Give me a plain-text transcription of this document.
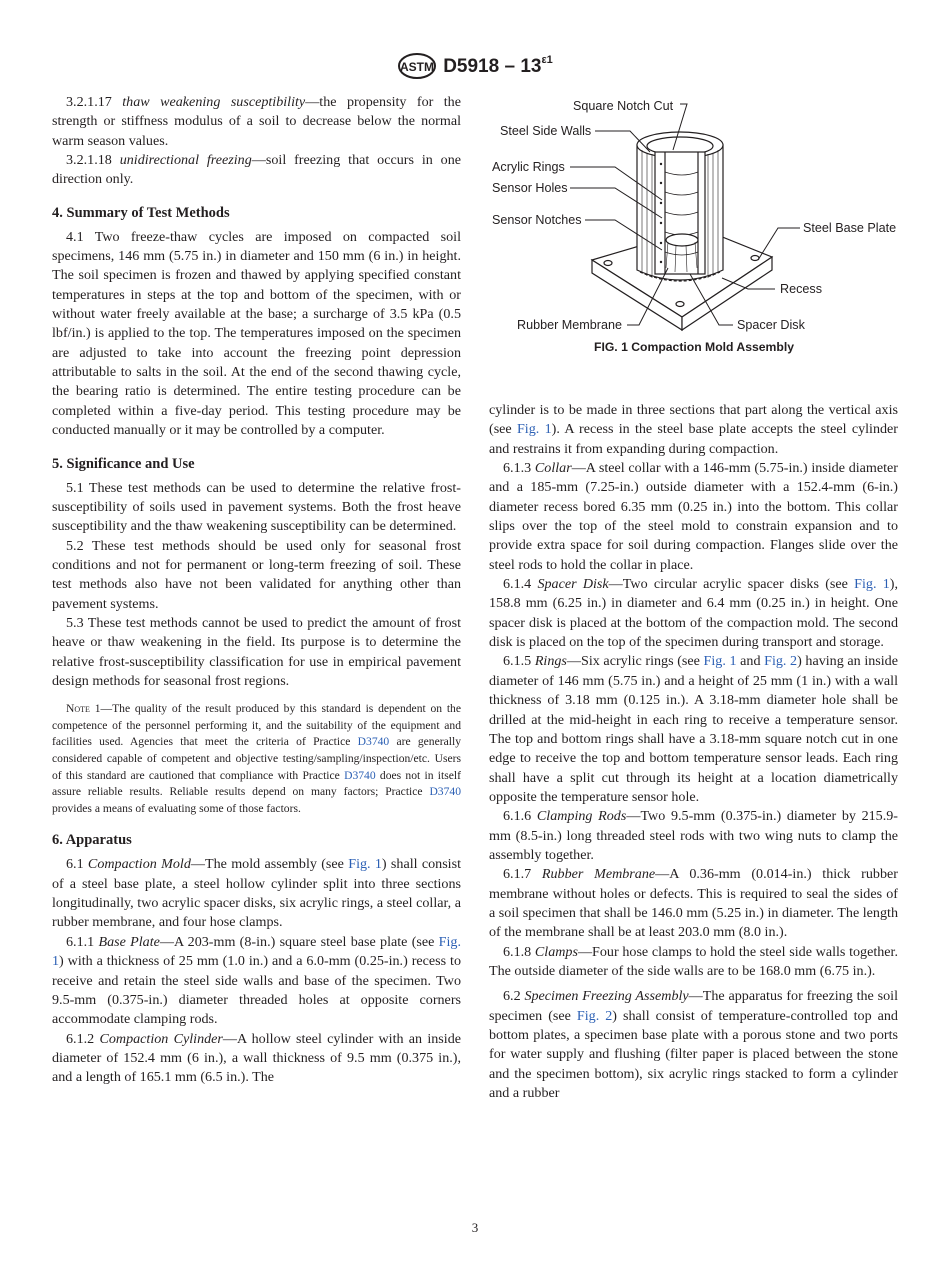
ASTM $D5918 - 13^{\varepsilon 1}$
Square Notch Cut
Steel Side Walls
Acrylic Rings
Sensor Holes
Sensor Notches
Steel Base Plate
Recess
Rubber Membrane	Spacer Disk
FIG. 1 Compaction Mold Assembly

3.2.1.17 thaw weakening susceptibility—the propensity for the strength or stiffness modulus of a soil to decrease below the normal warm season values.

3.2.1.18 unidirectional freezing—soil freezing that occurs in one direction only.

4. Summary of Test Methods

4.1 Two freeze-thaw cycles are imposed on compacted soil specimens, 146 mm (5.75 in.) in diameter and 150 mm (6 in.) in height. The soil specimen is frozen and thawed by applying specified constant temperatures in steps at the top and bottom of the specimen, with or without water freely available at the base; a surcharge of 3.5 kPa (0.5 lbf/in.) is applied to the top. The temperatures imposed on the specimen are adjusted to take into account the freezing point depression attributable to salts in the soil. At the end of the second thawing cycle, the bearing ratio is determined. The entire testing procedure can be completed within a five-day period. This testing procedure may be conducted manually or it may be controlled by a computer.

5. Significance and Use

5.1 These test methods can be used to determine the relative frost-susceptibility of soils used in pavement systems. Both the frost heave susceptibility and the thaw weakening susceptibility can be determined.

5.2 These test methods should be used only for seasonal frost conditions and not for permanent or long-term freezing of soil. These test methods also have not been validated for anything other than pavement systems.

5.3 These test methods cannot be used to predict the amount of frost heave or thaw weakening in the field. Its purpose is to determine the relative frost-susceptibility classification for use in empirical pavement design methods for seasonal frost regions.

Note 1—The quality of the result produced by this standard is dependent on the competence of the personnel performing it, and the suitability of the equipment and facilities used. Agencies that meet the criteria of Practice D3740 are generally considered capable of competent and objective testing/sampling/inspection/etc. Users of this standard are cautioned that compliance with Practice D3740 does not in itself assure reliable results. Reliable results depend on many factors; Practice D3740 provides a means of evaluating some of those factors.

6. Apparatus

6.1 Compaction Mold—The mold assembly (see Fig. 1) shall consist of a steel base plate, a steel hollow cylinder split into three sections longitudinally, two acrylic spacer disks, six acrylic rings, a steel collar, a rubber membrane, and four hose clamps.

6.1.1 Base Plate—A 203-mm (8-in.) square steel base plate (see Fig. 1) with a thickness of 25 mm (1.0 in.) and a 6.0-mm (0.25-in.) recess to receive and retain the steel side walls and base of the specimen. Two 9.5-mm (0.375-in.) diameter threaded holes at opposite corners accommodate clamping rods.

6.1.2 Compaction Cylinder—A hollow steel cylinder with an inside diameter of 152.4 mm (6 in.), a wall thickness of 9.5 mm (0.375 in.), and a length of 165.1 mm (6.5 in.). The

cylinder is to be made in three sections that part along the vertical axis (see Fig. 1). A recess in the steel base plate accepts the steel cylinder and restrains it from expanding during compaction.

6.1.3 Collar—A steel collar with a 146-mm (5.75-in.) inside diameter and a 185-mm (7.25-in.) outside diameter with a 152.4-mm (6-in.) diameter recess bored 6.35 mm (0.25 in.) into the bottom. This collar slips over the top of the steel mold to constrain expansion and to provide extra space for soil during compaction. Flanges slide over the steel rods to hold the collar in place.

6.1.4 Spacer Disk—Two circular acrylic spacer disks (see Fig. 1), 158.8 mm (6.25 in.) in diameter and 6.4 mm (0.25 in.) in height. One spacer disk is placed at the bottom of the compaction mold. The second disk is placed on the top of the specimen during transport and storage.

6.1.5 Rings—Six acrylic rings (see Fig. 1 and Fig. 2) having an inside diameter of 146 mm (5.75 in.) and a height of 25 mm (1 in.) with a wall thickness of 3.18 mm (0.125 in.). A 3.18-mm diameter hole shall be drilled at the mid-height in each ring to receive a temperature sensor. The top and bottom rings shall have a 3.18-mm square notch cut in one edge to receive the top and bottom temperature sensor leads. Each ring shall have a split cut through its height at a location diametrically opposite the temperature sensor hole.

6.1.6 Clamping Rods—Two 9.5-mm (0.375-in.) diameter by 215.9-mm (8.5-in.) long threaded steel rods with two wing nuts to clamp the assembly together.

6.1.7 Rubber Membrane—A 0.36-mm (0.014-in.) thick rubber membrane without holes or defects. This is required to seal the sides of a soil specimen that shall be 146.0 mm (5.25 in.) in diameter. The length of the membrane shall be at least 203.0 mm (8.0 in.).

6.1.8 Clamps—Four hose clamps to hold the steel side walls together. The outside diameter of the side walls are to be 168.0 mm (6.75 in.).

6.2 Specimen Freezing Assembly—The apparatus for freezing the soil specimen (see Fig. 2) shall consist of temperature-controlled top and bottom plates, a specimen base plate with a porous stone and two ports for water supply and flushing (filter paper is placed between the stone and the specimen bottom), six acrylic rings stacked to form a cylinder and a rubber

3
